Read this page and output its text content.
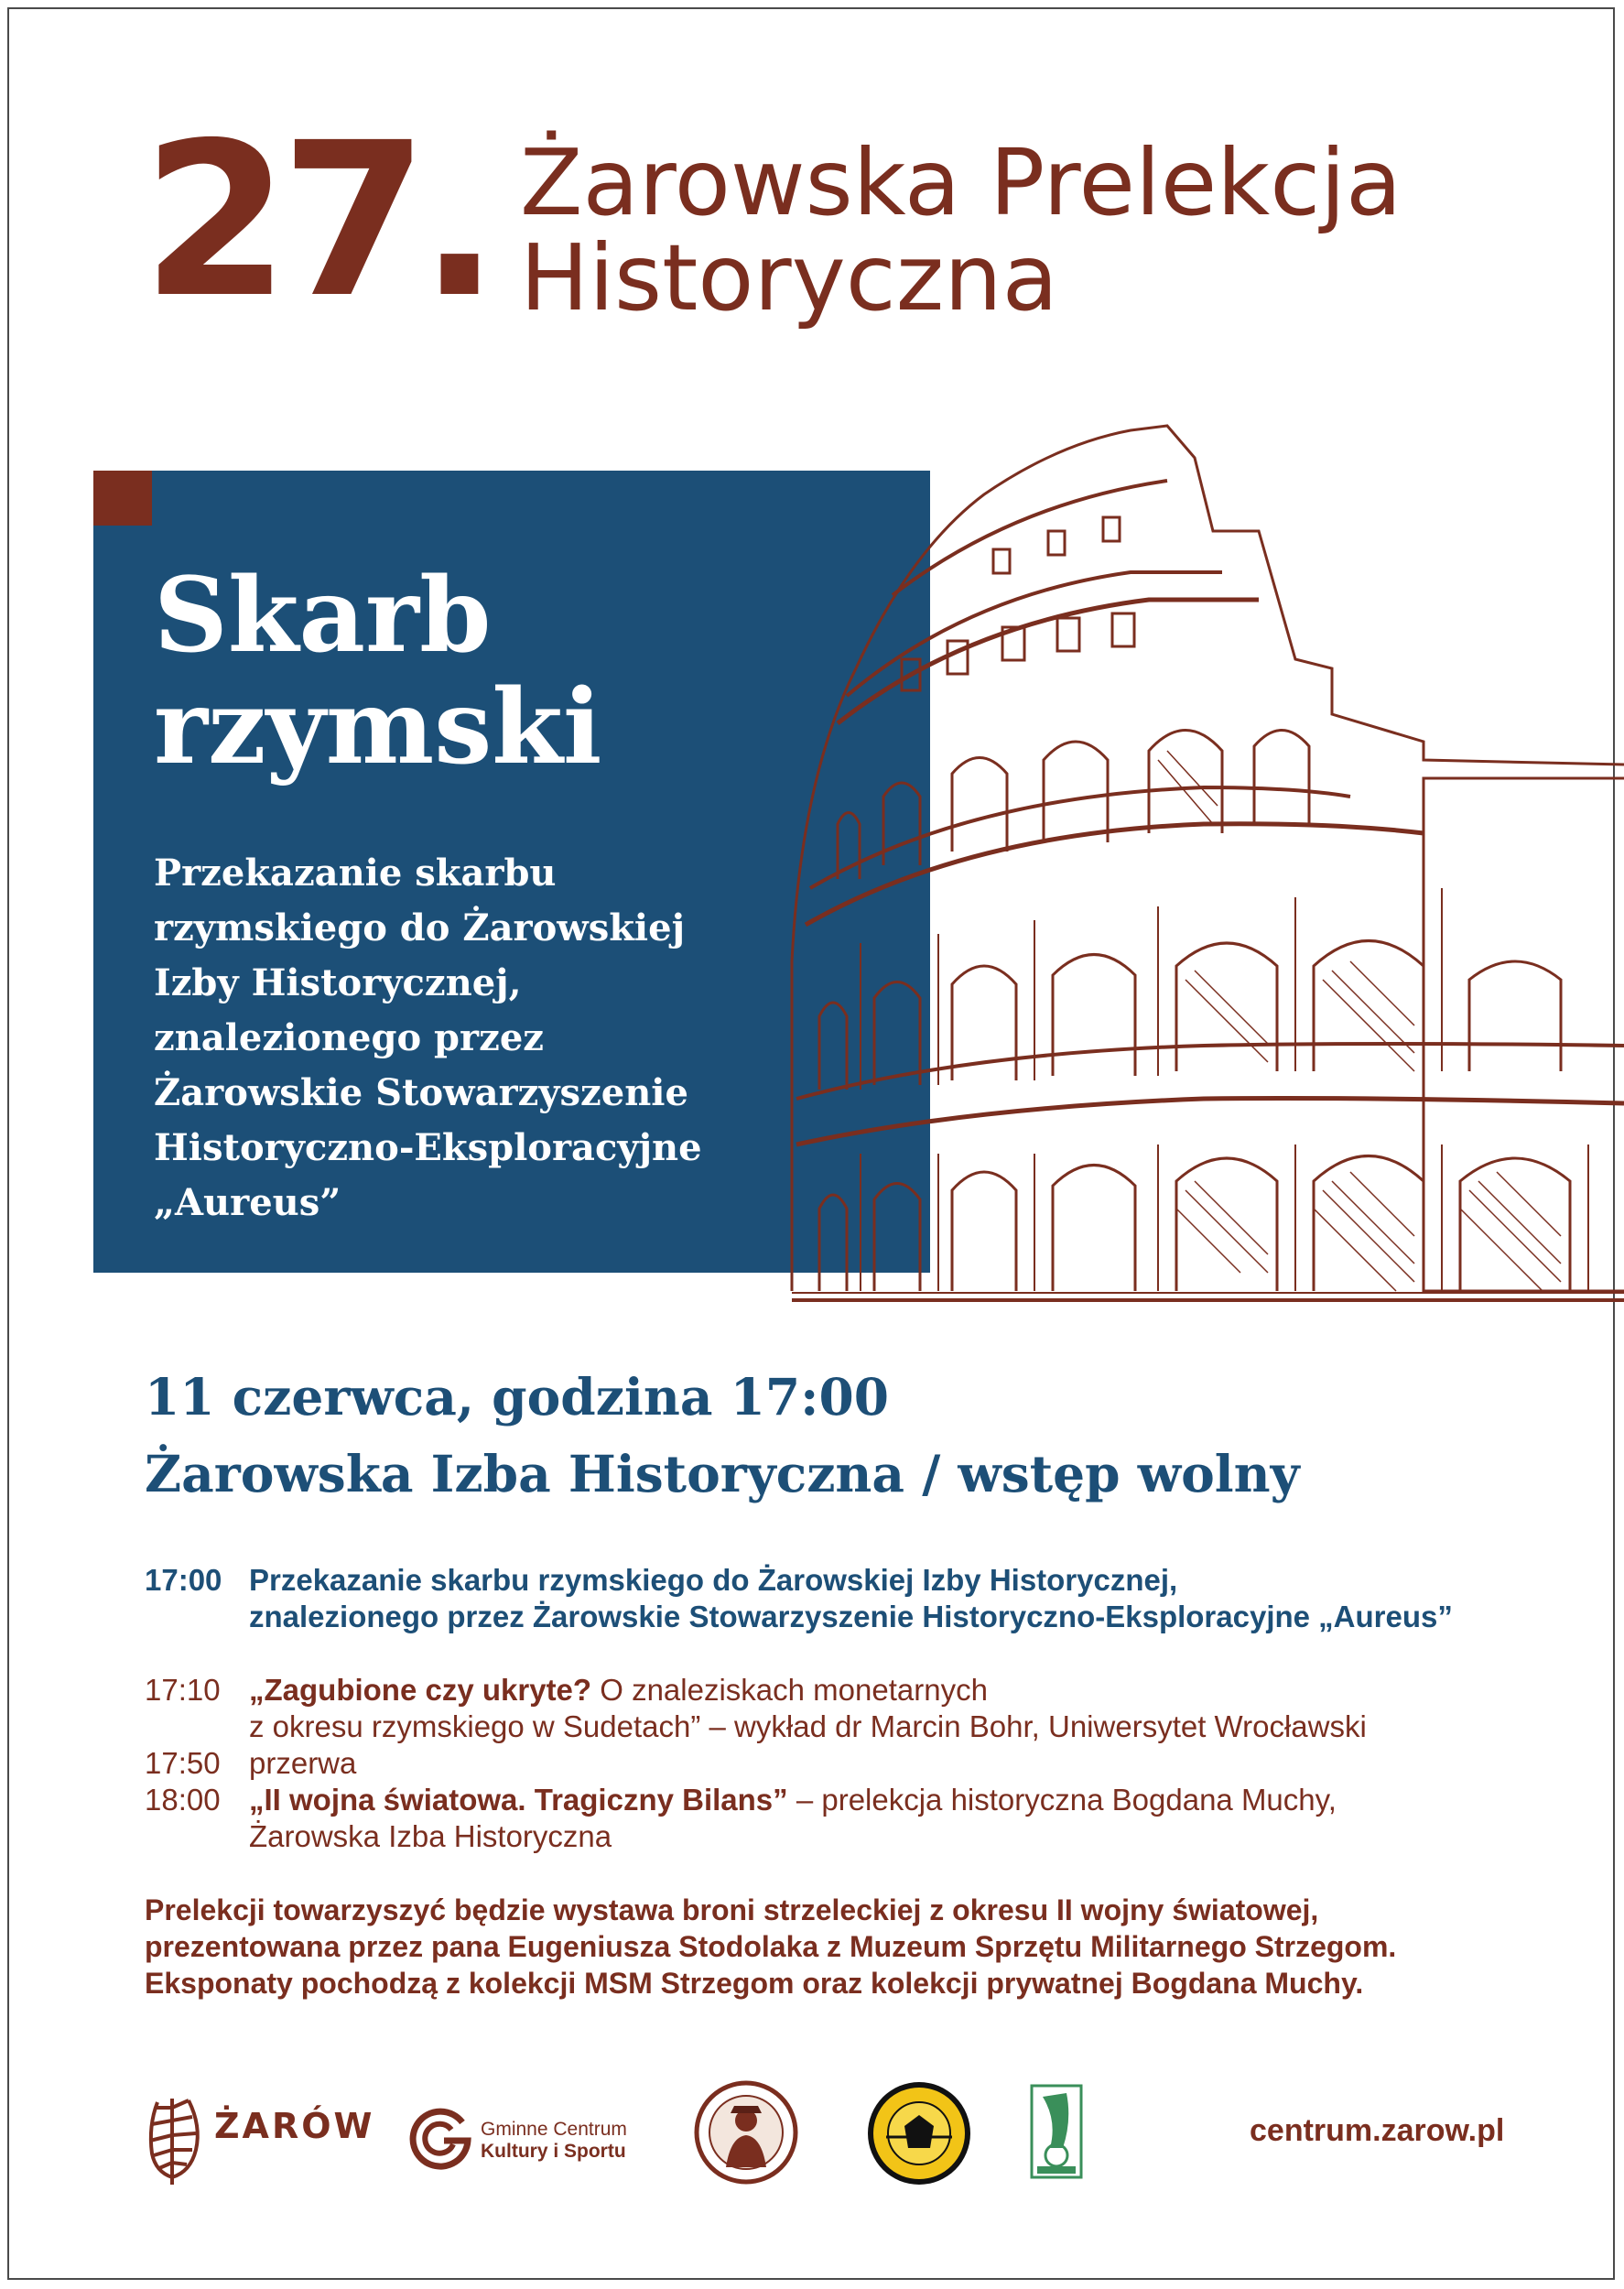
27. Żarowska Prelekcja
Historyczna
Skarb
rzymski
Przekazanie skarbu
rzymskiego do Żarowskiej
Izby Historycznej,
znalezionego przez
Żarowskie Stowarzyszenie
Historyczno-Eksploracyjne
„Aureus”
11 czerwca, godzina 17:00
Żarowska Izba Historyczna / wstęp wolny
17:00 Przekazanie skarbu rzymskiego do Żarowskiej Izby Historycznej,
znalezionego przez Żarowskie Stowarzyszenie Historyczno-Eksploracyjne „Aureus”
17:10 „Zagubione czy ukryte? O znaleziskach monetarnych
z okresu rzymskiego w Sudetach” – wykład dr Marcin Bohr, Uniwersytet Wrocławski
17:50 przerwa
18:00 „II wojna światowa. Tragiczny Bilans” – prelekcja historyczna Bogdana Muchy,
Żarowska Izba Historyczna
Prelekcji towarzyszyć będzie wystawa broni strzeleckiej z okresu II wojny światowej,
prezentowana przez pana Eugeniusza Stodolaka z Muzeum Sprzętu Militarnego Strzegom.
Eksponaty pochodzą z kolekcji MSM Strzegom oraz kolekcji prywatnej Bogdana Muchy.
ŻARÓW	Gminne Centrum
Kultury i Sportu
centrum.zarow.pl
